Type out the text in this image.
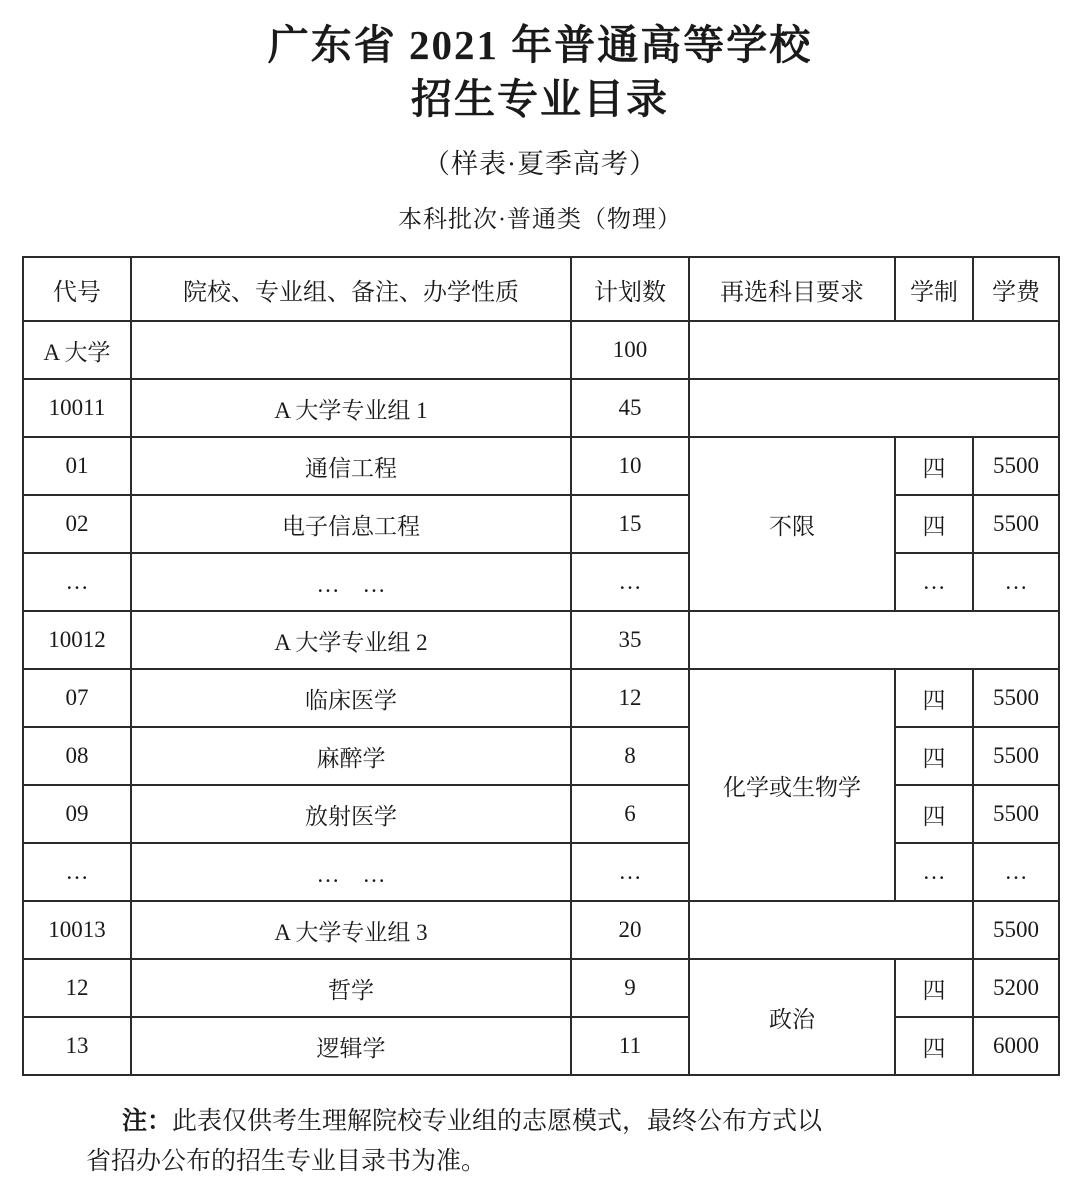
广东省 2021 年普通高等学校
招生专业目录
（样表·夏季高考）
本科批次·普通类（物理）
代号	院校、专业组、备注、办学性质	计划数	再选科目要求	学制	学费
A 大学		100			
10011	A 大学专业组 1	45			
01	通信工程	10	不限	四	5500
02	电子信息工程	15		四	5500
…	…　…	…		…	…
10012	A 大学专业组 2	35			
07	临床医学	12	化学或生物学	四	5500
08	麻醉学	8		四	5500
09	放射医学	6		四	5500
…	…　…	…		…	…
10013	A 大学专业组 3	20			5500
12	哲学	9	政治	四	5200
13	逻辑学	11		四	6000

注：此表仅供考生理解院校专业组的志愿模式，最终公布方式以

省招办公布的招生专业目录书为准。
